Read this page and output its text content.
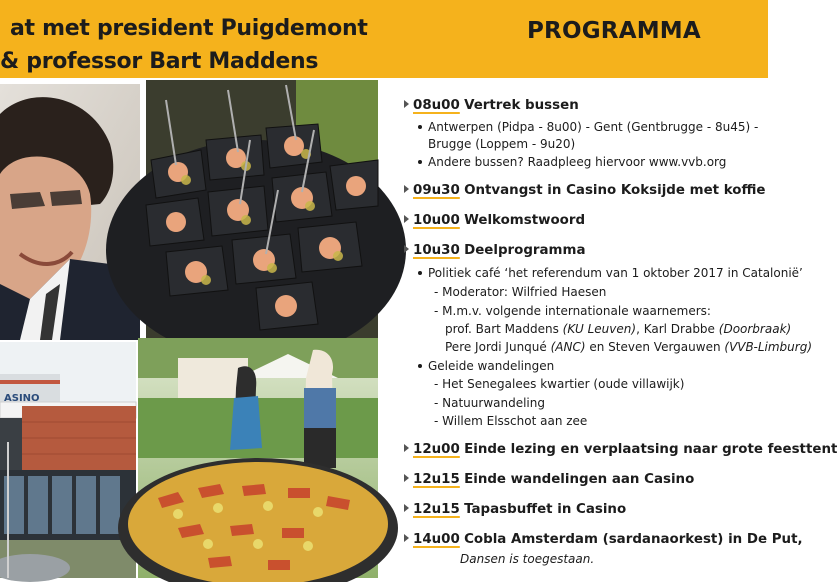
at met president Puigdemont
& professor Bart Maddens
PROGRAMMA
ASINO
08u00 Vertrek bussen
Antwerpen (Pidpa - 8u00) - Gent (Gentbrugge - 8u45) -
Brugge (Loppem - 9u20)
Andere bussen? Raadpleeg hiervoor www.vvb.org
09u30 Ontvangst in Casino Koksijde met koffie
10u00 Welkomstwoord
10u30 Deelprogramma
Politiek café ‘het referendum van 1 oktober 2017 in Catalonië’
- Moderator: Wilfried Haesen
- M.m.v. volgende internationale waarnemers:
prof. Bart Maddens (KU Leuven), Karl Drabbe (Doorbraak)
Pere Jordi Junqué (ANC) en Steven Vergauwen (VVB-Limburg)
Geleide wandelingen
- Het Senegalees kwartier (oude villawijk)
- Natuurwandeling
- Willem Elsschot aan zee
12u00 Einde lezing en verplaatsing naar grote feesttent
12u15 Einde wandelingen aan Casino
12u15 Tapasbuffet in Casino
14u00 Cobla Amsterdam (sardanaorkest) in De Put,
Dansen is toegestaan.
